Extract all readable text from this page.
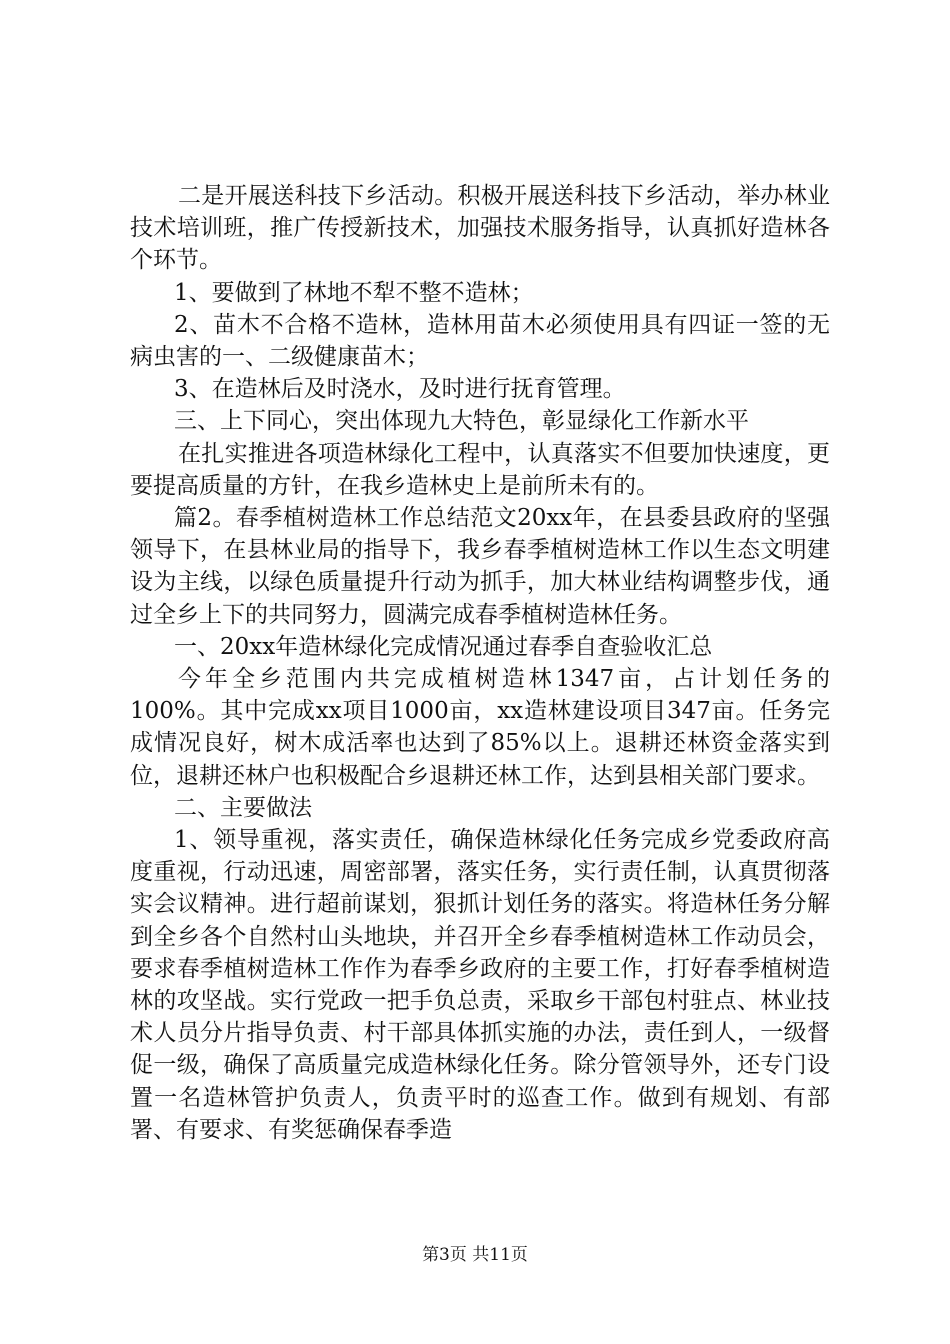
二是开展送科技下乡活动。积极开展送科技下乡活动，举办林业技术培训班，推广传授新技术，加强技术服务指导，认真抓好造林各个环节。

1、要做到了林地不犁不整不造林；

2、苗木不合格不造林，造林用苗木必须使用具有四证一签的无病虫害的一、二级健康苗木；

3、在造林后及时浇水，及时进行抚育管理。

三、上下同心，突出体现九大特色，彰显绿化工作新水平

在扎实推进各项造林绿化工程中，认真落实不但要加快速度，更要提高质量的方针，在我乡造林史上是前所未有的。

篇2。春季植树造林工作总结范文20xx年，在县委县政府的坚强领导下，在县林业局的指导下，我乡春季植树造林工作以生态文明建设为主线，以绿色质量提升行动为抓手，加大林业结构调整步伐，通过全乡上下的共同努力，圆满完成春季植树造林任务。

一、20xx年造林绿化完成情况通过春季自查验收汇总

今年全乡范围内共完成植树造林1347亩，占计划任务的100%。其中完成xx项目1000亩，xx造林建设项目347亩。任务完成情况良好，树木成活率也达到了85%以上。退耕还林资金落实到位，退耕还林户也积极配合乡退耕还林工作，达到县相关部门要求。

二、主要做法

1、领导重视，落实责任，确保造林绿化任务完成乡党委政府高度重视，行动迅速，周密部署，落实任务，实行责任制，认真贯彻落实会议精神。进行超前谋划，狠抓计划任务的落实。将造林任务分解到全乡各个自然村山头地块，并召开全乡春季植树造林工作动员会，要求春季植树造林工作作为春季乡政府的主要工作，打好春季植树造林的攻坚战。实行党政一把手负总责，采取乡干部包村驻点、林业技术人员分片指导负责、村干部具体抓实施的办法，责任到人，一级督促一级，确保了高质量完成造林绿化任务。除分管领导外，还专门设置一名造林管护负责人，负责平时的巡查工作。做到有规划、有部署、有要求、有奖惩确保春季造

第3页 共11页
